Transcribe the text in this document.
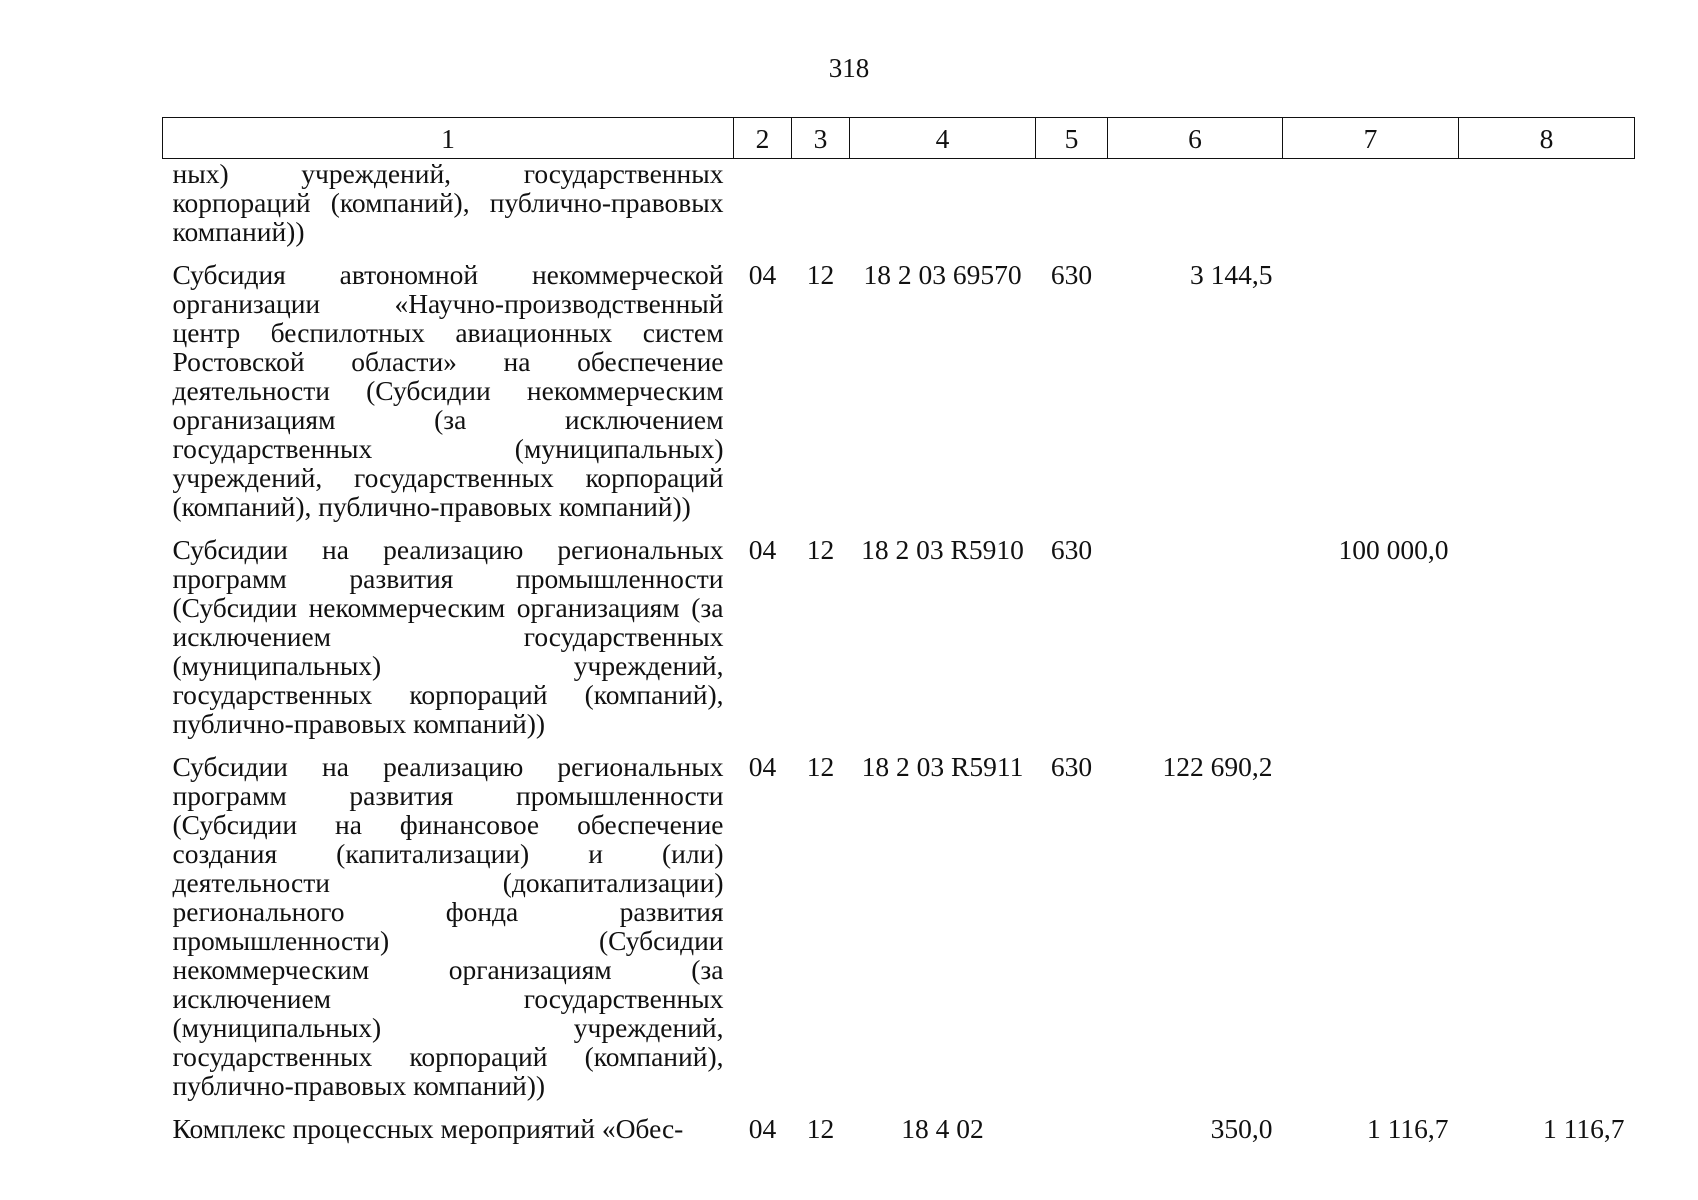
318
1	2	3	4	5	6	7	8
ных) учреждений, государственных корпораций (компаний), публично-правовых компаний))							
Субсидия автономной некоммерческой организации «Научно-производственный центр беспилотных авиационных систем Ростовской области» на обеспечение деятельности (Субсидии некоммерческим организациям (за исключением государственных (муниципальных) учреждений, государственных корпораций (компаний), публично-правовых компаний))	04	12	18 2 03 69570	630	3 144,5		
Субсидии на реализацию региональных программ развития промышленности (Субсидии некоммерческим организациям (за исключением государственных (муниципальных) учреждений, государственных корпораций (компаний), публично-правовых компаний))	04	12	18 2 03 R5910	630		100 000,0	
Субсидии на реализацию региональных программ развития промышленности (Субсидии на финансовое обеспечение создания (капитализации) и (или) деятельности (докапитализации) регионального фонда развития промышленности) (Субсидии некоммерческим организациям (за исключением государственных (муниципальных) учреждений, государственных корпораций (компаний), публично-правовых компаний))	04	12	18 2 03 R5911	630	122 690,2		
Комплекс процессных мероприятий «Обес-	04	12	18 4 02		350,0	1 116,7	1 116,7
